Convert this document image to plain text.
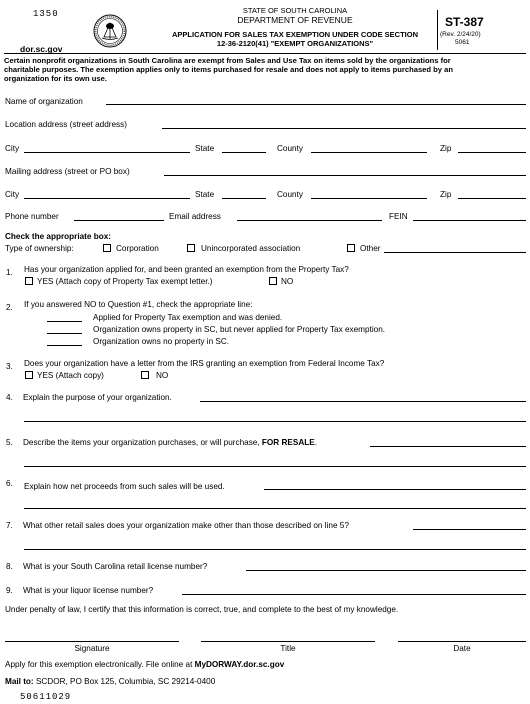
1350
dor.sc.gov
STATE OF SOUTH CAROLINA
DEPARTMENT OF REVENUE
APPLICATION FOR SALES TAX EXEMPTION UNDER CODE SECTION
12-36-2120(41) "EXEMPT ORGANIZATIONS"
ST-387
(Rev. 2/24/20)
5061
Certain nonprofit organizations in South Carolina are exempt from Sales and Use Tax on items sold by the organizations for
charitable purposes. The exemption applies only to items purchased for resale and does not apply to items purchased by an
organization for its own use.
Name of organization
Location address (street address)
City	State	County	Zip
Mailing address (street or PO box)
City	State	County	Zip
Phone number	Email address	FEIN
Check the appropriate box:
Type of ownership:	Corporation	Unincorporated association	Other
1. Has your organization applied for, and been granted an exemption from the Property Tax?
YES (Attach copy of Property Tax exempt letter.)	NO
2. If you answered NO to Question #1, check the appropriate line:
Applied for Property Tax exemption and was denied.
Organization owns property in SC, but never applied for Property Tax exemption.
Organization owns no property in SC.
3. Does your organization have a letter from the IRS granting an exemption from Federal Income Tax?
YES (Attach copy)	NO
4. Explain the purpose of your organization.
5. Describe the items your organization purchases, or will purchase, FOR RESALE.
6. Explain how net proceeds from such sales will be used.
7. What other retail sales does your organization make other than those described on line 5?
8. What is your South Carolina retail license number?
9. What is your liquor license number?
Under penalty of law, I certify that this information is correct, true, and complete to the best of my knowledge.
Signature	Title	Date
Apply for this exemption electronically. File online at MyDORWAY.dor.sc.gov
Mail to: SCDOR, PO Box 125, Columbia, SC 29214-0400
50611029
